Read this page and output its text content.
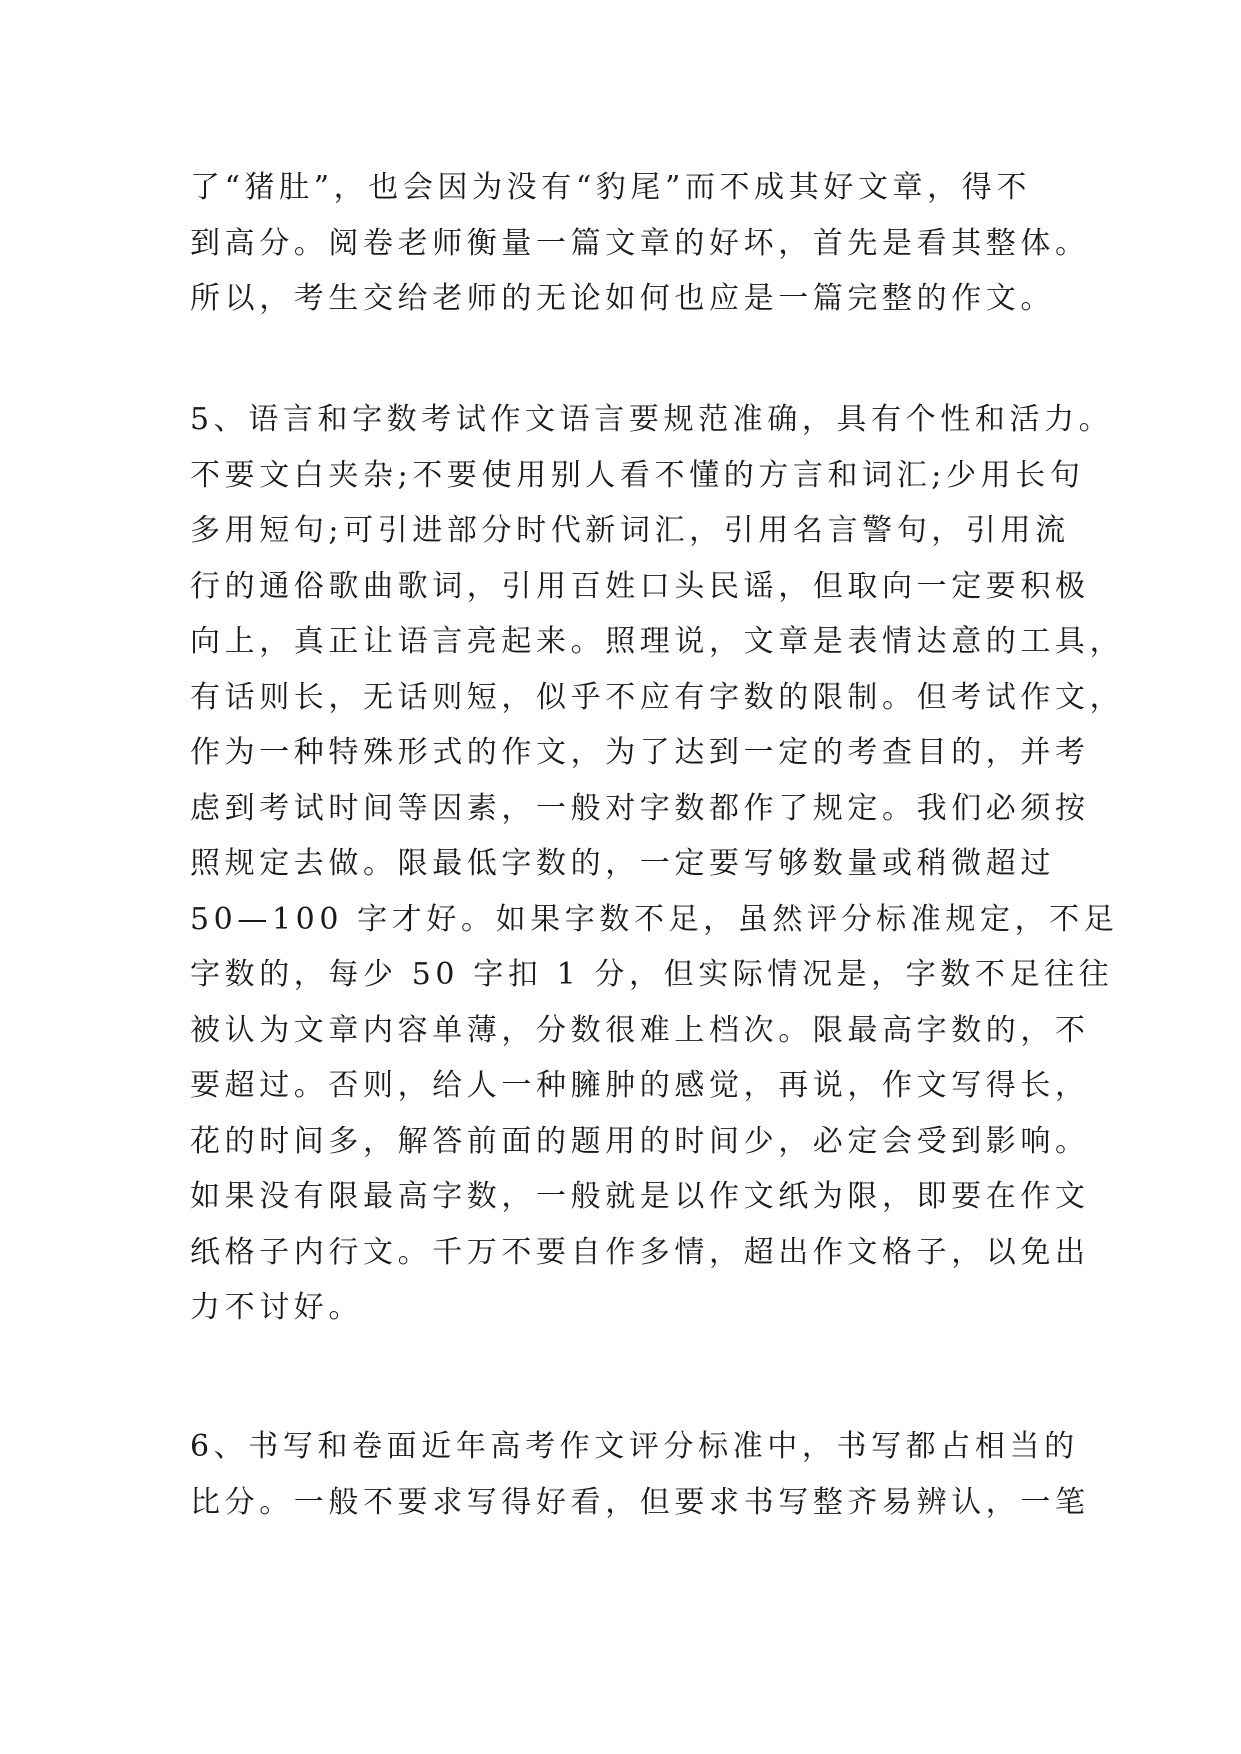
了“猪肚”，也会因为没有“豹尾”而不成其好文章，得不
到高分。阅卷老师衡量一篇文章的好坏，首先是看其整体。
所以，考生交给老师的无论如何也应是一篇完整的作文。
5、语言和字数考试作文语言要规范准确，具有个性和活力。
不要文白夹杂;不要使用别人看不懂的方言和词汇;少用长句
多用短句;可引进部分时代新词汇，引用名言警句，引用流
行的通俗歌曲歌词，引用百姓口头民谣，但取向一定要积极
向上，真正让语言亮起来。照理说，文章是表情达意的工具，
有话则长，无话则短，似乎不应有字数的限制。但考试作文，
作为一种特殊形式的作文，为了达到一定的考查目的，并考
虑到考试时间等因素，一般对字数都作了规定。我们必须按
照规定去做。限最低字数的，一定要写够数量或稍微超过
50—100 字才好。如果字数不足，虽然评分标准规定，不足
字数的，每少 50 字扣 1 分，但实际情况是，字数不足往往
被认为文章内容单薄，分数很难上档次。限最高字数的，不
要超过。否则，给人一种臃肿的感觉，再说，作文写得长，
花的时间多，解答前面的题用的时间少，必定会受到影响。
如果没有限最高字数，一般就是以作文纸为限，即要在作文
纸格子内行文。千万不要自作多情，超出作文格子，以免出
力不讨好。
6、书写和卷面近年高考作文评分标准中，书写都占相当的
比分。一般不要求写得好看，但要求书写整齐易辨认，一笔
